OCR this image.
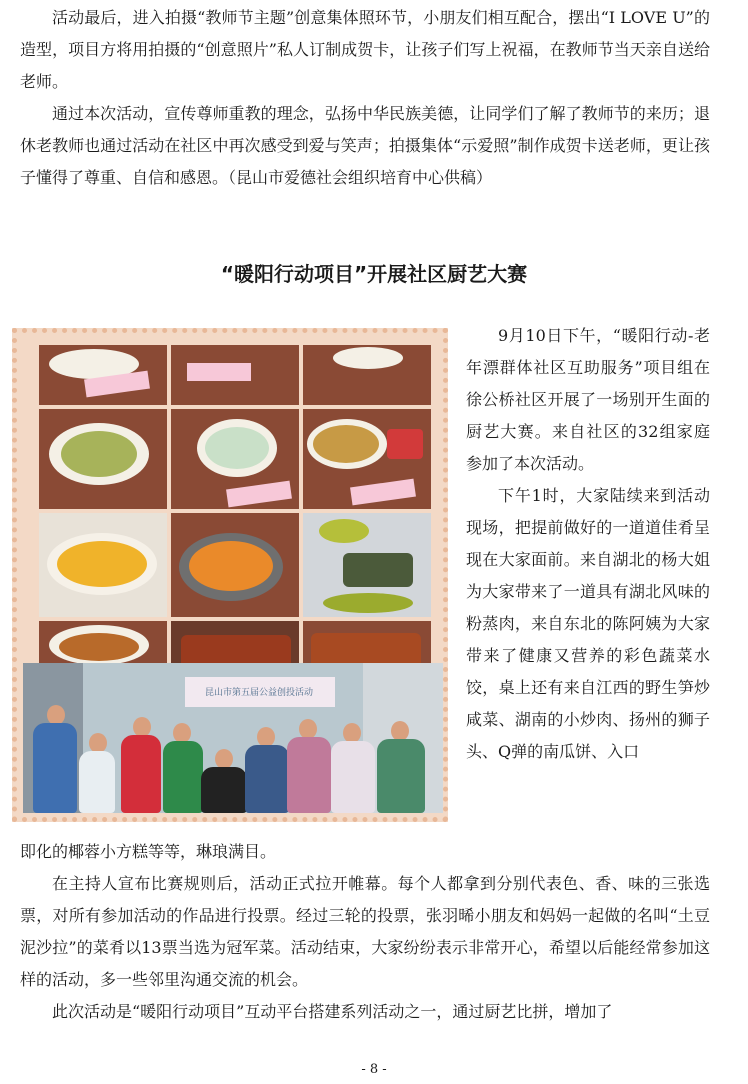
活动最后，进入拍摄“教师节主题”创意集体照环节，小朋友们相互配合，摆出“I LOVE U”的造型，项目方将用拍摄的“创意照片”私人订制成贺卡，让孩子们写上祝福，在教师节当天亲自送给老师。

通过本次活动，宣传尊师重教的理念，弘扬中华民族美德，让同学们了解了教师节的来历；退休老教师也通过活动在社区中再次感受到爱与笑声；拍摄集体“示爱照”制作成贺卡送老师，更让孩子懂得了尊重、自信和感恩。（昆山市爱德社会组织培育中心供稿）

“暖阳行动项目”开展社区厨艺大赛
昆山市第五届公益创投活动

9月10日下午，“暖阳行动-老年漂群体社区互助服务”项目组在徐公桥社区开展了一场别开生面的厨艺大赛。来自社区的32组家庭参加了本次活动。

下午1时，大家陆续来到活动现场，把提前做好的一道道佳肴呈现在大家面前。来自湖北的杨大姐为大家带来了一道具有湖北风味的粉蒸肉，来自东北的陈阿姨为大家带来了健康又营养的彩色蔬菜水饺，桌上还有来自江西的野生笋炒咸菜、湖南的小炒肉、扬州的狮子头、Q弹的南瓜饼、入口

即化的椰蓉小方糕等等，琳琅满目。

在主持人宣布比赛规则后，活动正式拉开帷幕。每个人都拿到分别代表色、香、味的三张选票，对所有参加活动的作品进行投票。经过三轮的投票，张羽晞小朋友和妈妈一起做的名叫“土豆泥沙拉”的菜肴以13票当选为冠军菜。活动结束，大家纷纷表示非常开心，希望以后能经常参加这样的活动，多一些邻里沟通交流的机会。

此次活动是“暖阳行动项目”互动平台搭建系列活动之一，通过厨艺比拼，增加了

- 8 -
